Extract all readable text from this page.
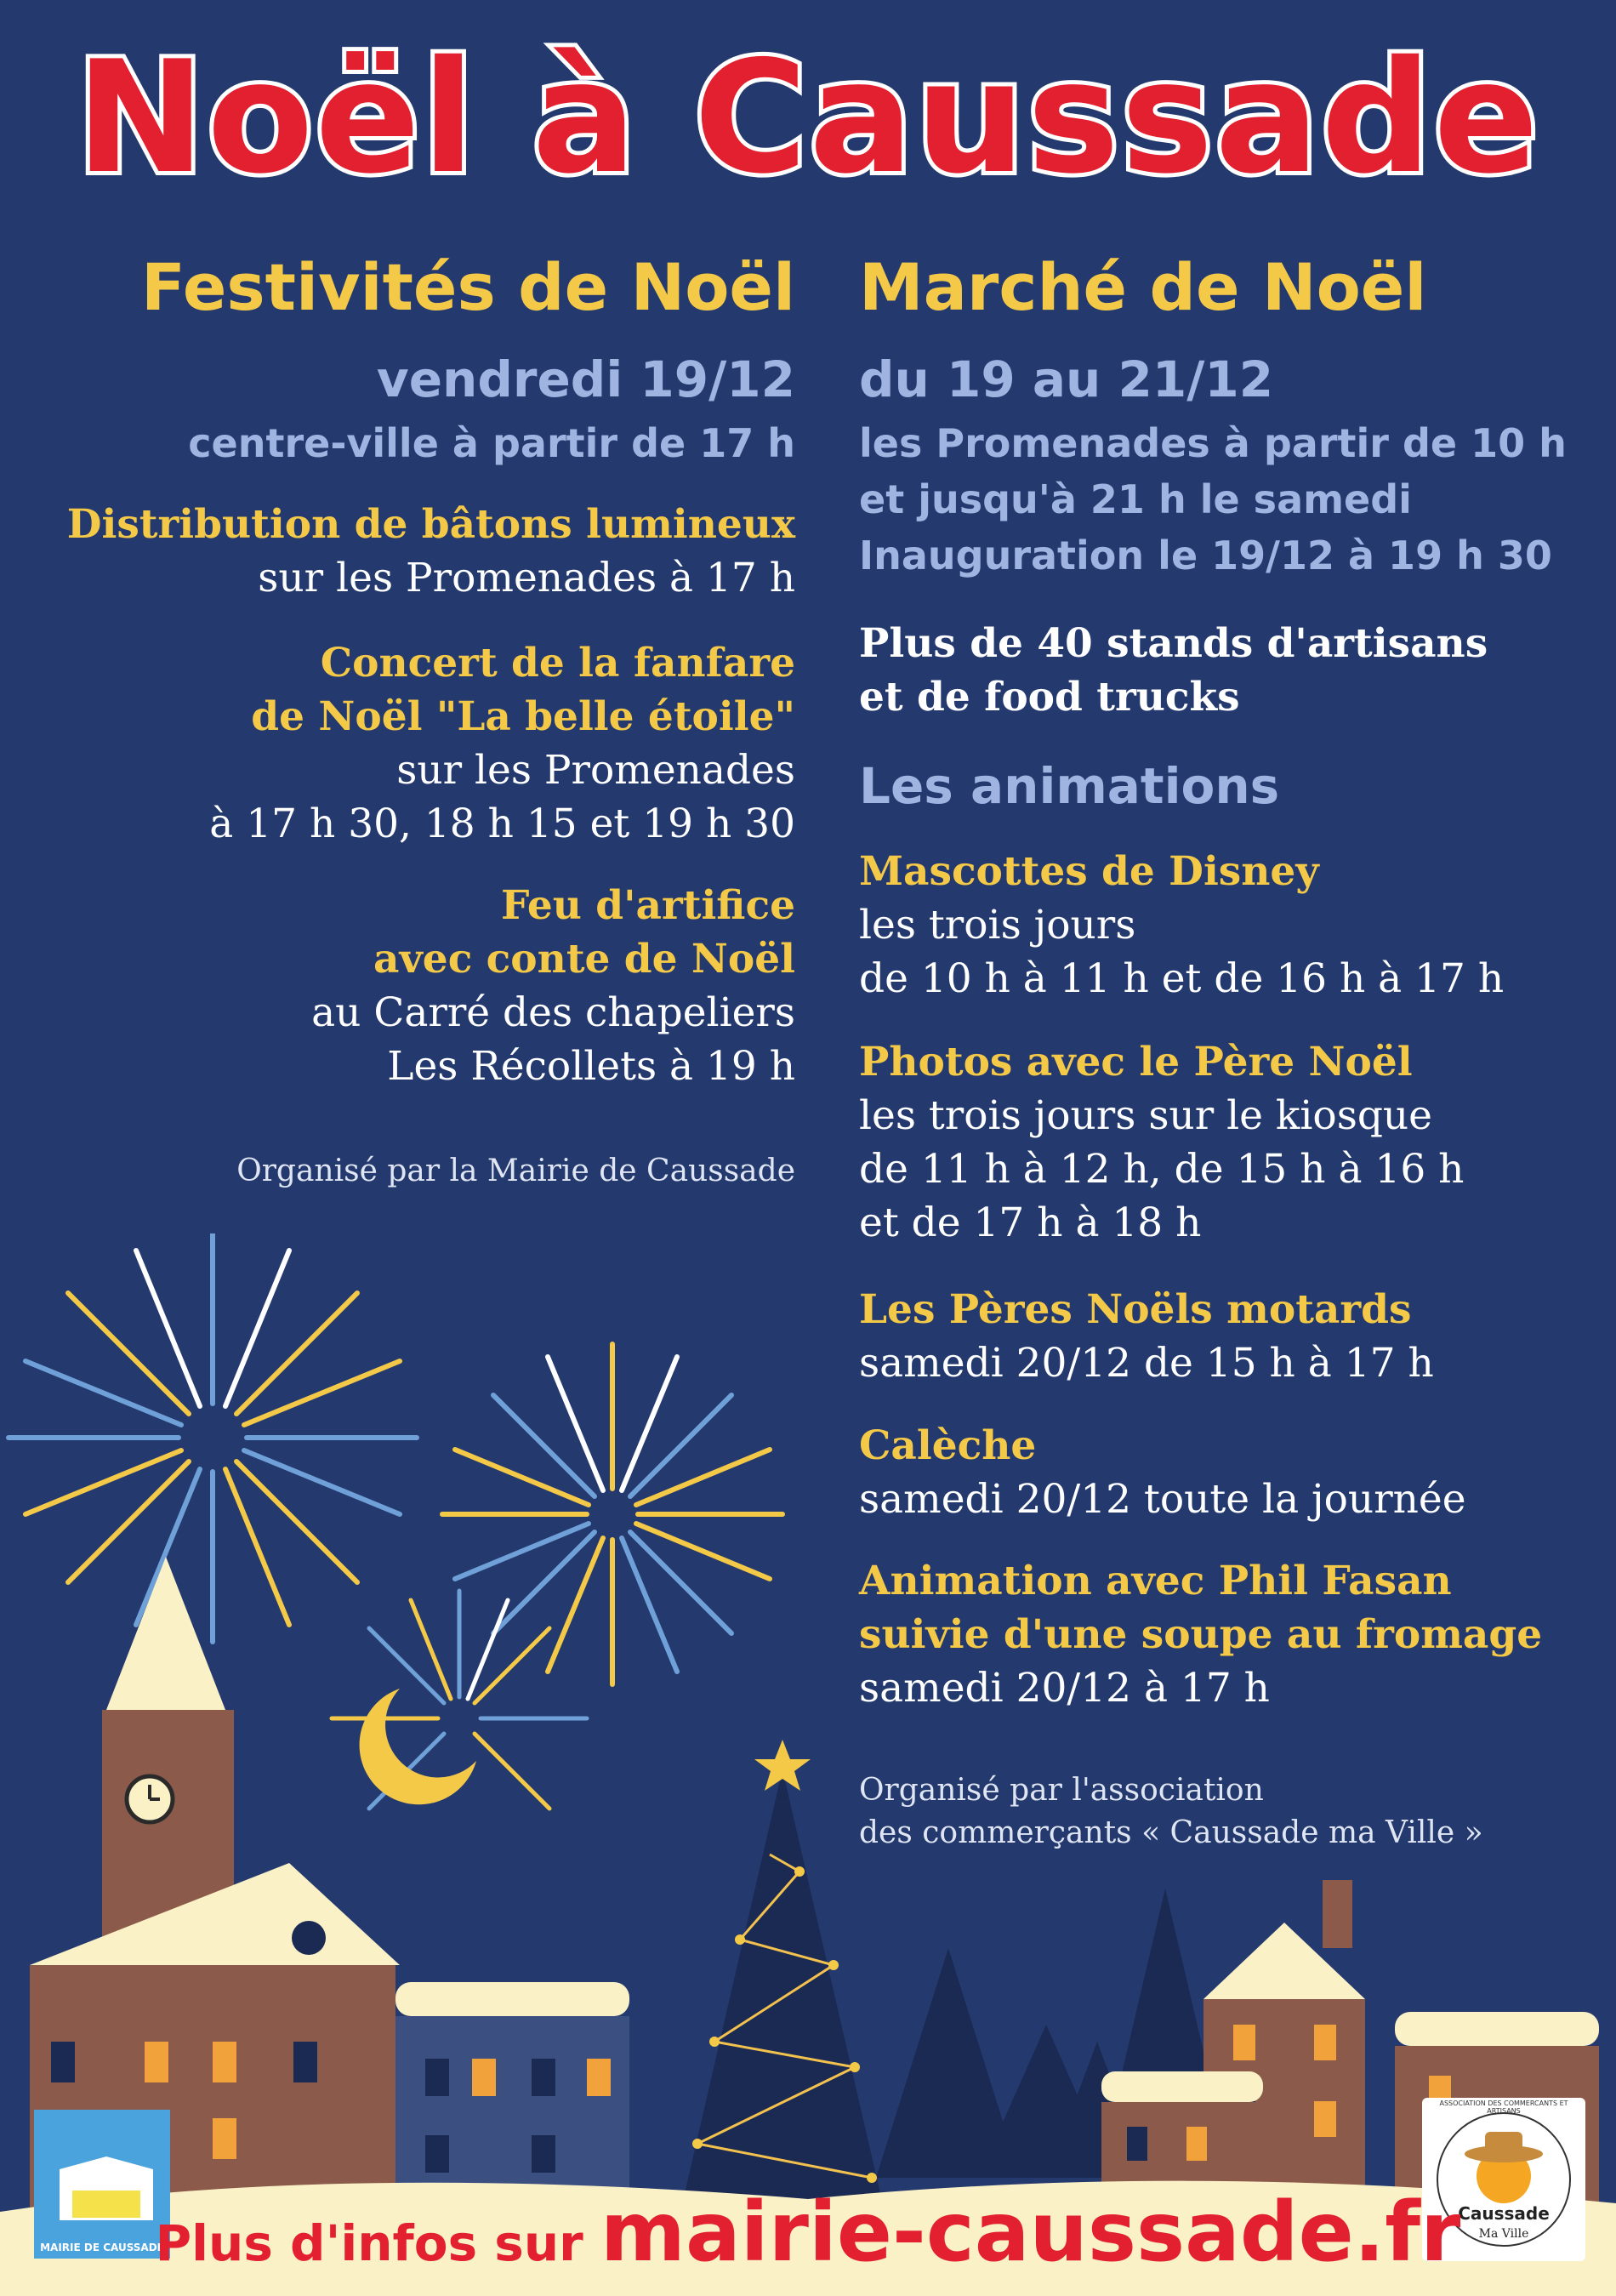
Noël à Caussade
Festivités de Noël
vendredi 19/12
centre-ville à partir de 17 h
Distribution de bâtons lumineux
sur les Promenades à 17 h
Concert de la fanfare
de Noël "La belle étoile"
sur les Promenades
à 17 h 30, 18 h 15 et 19 h 30
Feu d'artifice
avec conte de Noël
au Carré des chapeliers
Les Récollets à 19 h
Organisé par la Mairie de Caussade
Marché de Noël
du 19 au 21/12
les Promenades à partir de 10 h
et jusqu'à 21 h le samedi
Inauguration le 19/12 à 19 h 30
Plus de 40 stands d'artisans
et de food trucks
Les animations
Mascottes de Disney
les trois jours
de 10 h à 11 h et de 16 h à 17 h
Photos avec le Père Noël
les trois jours sur le kiosque
de 11 h à 12 h, de 15 h à 16 h
et de 17 h à 18 h
Les Pères Noëls motards
samedi 20/12 de 15 h à 17 h
Calèche
samedi 20/12 toute la journée
Animation avec Phil Fasan
suivie d'une soupe au fromage
samedi 20/12 à 17 h
Organisé par l'association
des commerçants « Caussade ma Ville »
MAIRIE DE CAUSSADE
ASSOCIATION DES COMMERCANTS ET ARTISANS
Caussade
Ma Ville
Plus d'infos sur mairie-caussade.fr
